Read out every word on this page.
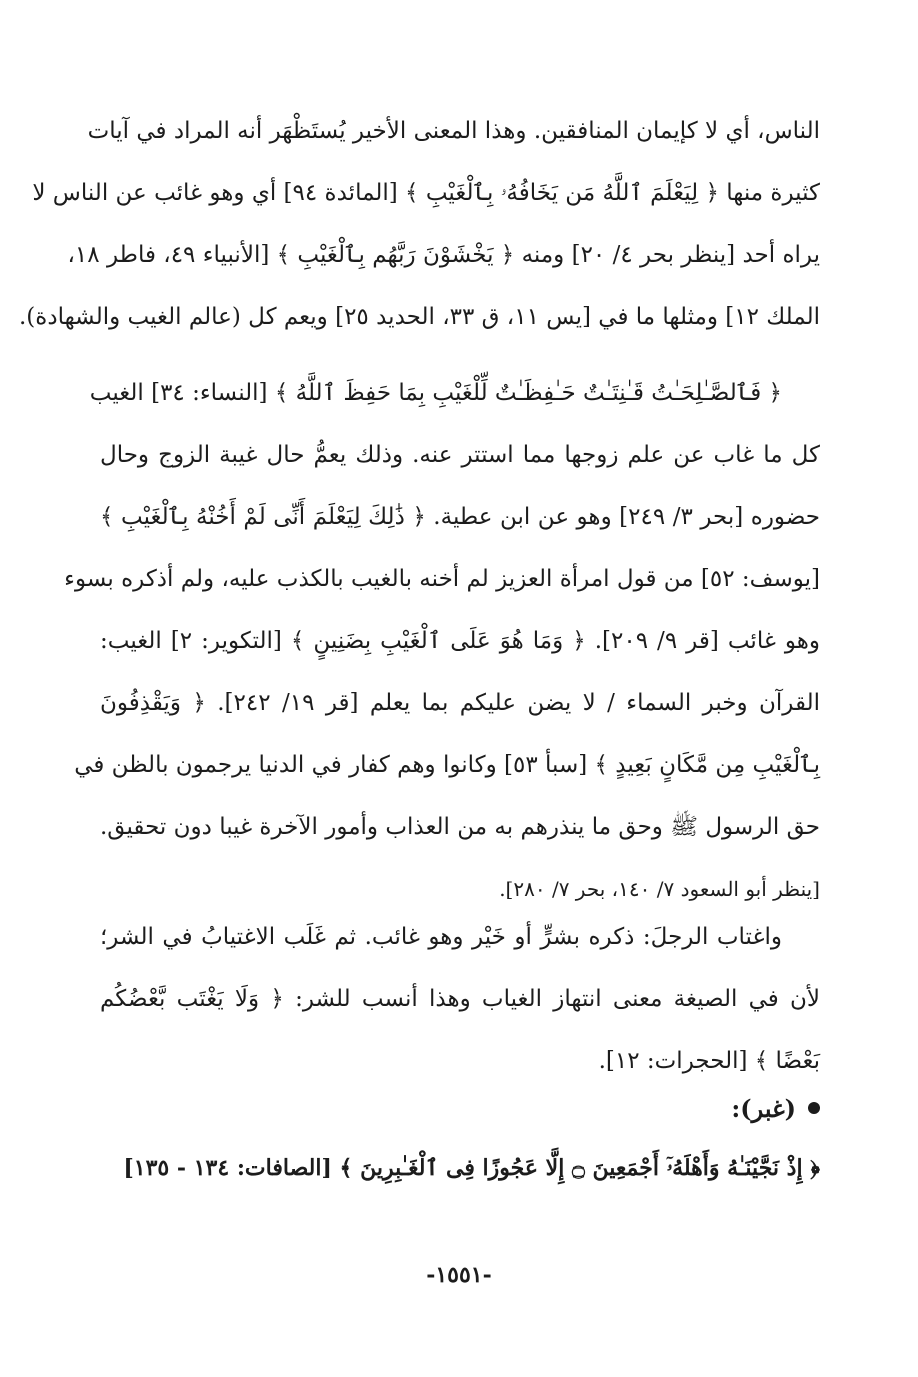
الناس، أي لا كإيمان المنافقين. وهذا المعنى الأخير يُستَظْهَر أنه المراد في آيات
كثيرة منها ﴿ لِيَعْلَمَ ٱللَّهُ مَن يَخَافُهُۥ بِٱلْغَيْبِ ﴾ [المائدة ٩٤] أي وهو غائب عن الناس لا
يراه أحد [ينظر بحر ٤/ ٢٠] ومنه ﴿ يَخْشَوْنَ رَبَّهُم بِٱلْغَيْبِ ﴾ [الأنبياء ٤٩، فاطر ١٨،
الملك ١٢] ومثلها ما في [يس ١١، ق ٣٣، الحديد ٢٥] ويعم كل (عالم الغيب والشهادة).
﴿ فَٱلصَّـٰلِحَـٰتُ قَـٰنِتَـٰتٌ حَـٰفِظَـٰتٌ لِّلْغَيْبِ بِمَا حَفِظَ ٱللَّهُ ﴾ [النساء: ٣٤] الغيب
كل ما غاب عن علم زوجها مما استتر عنه. وذلك يعمُّ حال غيبة الزوج وحال
حضوره [بحر ٣/ ٢٤٩] وهو عن ابن عطية. ﴿ ذَٰلِكَ لِيَعْلَمَ أَنِّى لَمْ أَخُنْهُ بِٱلْغَيْبِ ﴾
[يوسف: ٥٢] من قول امرأة العزيز لم أخنه بالغيب بالكذب عليه، ولم أذكره بسوء
وهو غائب [قر ٩/ ٢٠٩]. ﴿ وَمَا هُوَ عَلَى ٱلْغَيْبِ بِضَنِينٍ ﴾ [التكوير: ٢] الغيب:
القرآن وخبر السماء / لا يضن عليكم بما يعلم [قر ١٩/ ٢٤٢]. ﴿ وَيَقْذِفُونَ
بِٱلْغَيْبِ مِن مَّكَانٍ بَعِيدٍ ﴾ [سبأ ٥٣] وكانوا وهم كفار في الدنيا يرجمون بالظن في
حق الرسول ﷺ وحق ما ينذرهم به من العذاب وأمور الآخرة غيبا دون تحقيق.
[ينظر أبو السعود ٧/ ١٤٠، بحر ٧/ ٢٨٠].
واغتاب الرجلَ: ذكره بشرٍّ أو خَيْر وهو غائب. ثم غَلَب الاغتيابُ في الشر؛
لأن في الصيغة معنى انتهاز الغياب وهذا أنسب للشر: ﴿ وَلَا يَغْتَب بَّعْضُكُم
بَعْضًا ﴾ [الحجرات: ١٢].
(غبر):
﴿ إِذْ نَجَّيْنَـٰهُ وَأَهْلَهُۥٓ أَجْمَعِينَ ۝ إِلَّا عَجُوزًا فِى ٱلْغَـٰبِرِينَ ﴾ [الصافات: ١٣٤ - ١٣٥]
-١٥٥١-
